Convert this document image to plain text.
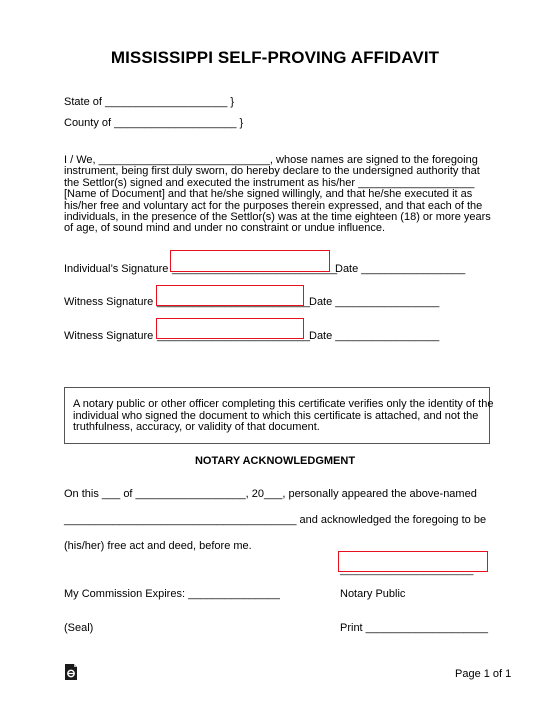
MISSISSIPPI SELF-PROVING AFFIDAVIT
State of ____________________ }
County of ____________________ }

I / We, ____________________________, whose names are signed to the foregoing

instrument, being first duly sworn, do hereby declare to the undersigned authority that

the Settlor(s) signed and executed the instrument as his/her ___________________

[Name of Document] and that he/she signed willingly, and that he/she executed it as

his/her free and voluntary act for the purposes therein expressed, and that each of the

individuals, in the presence of the Settlor(s) was at the time eighteen (18) or more years

of age, of sound mind and under no constraint or undue influence.

Individual’s Signature ___________________________
Date _________________
Witness Signature _________________________ Date _________________
Witness Signature _________________________ Date _________________

A notary public or other officer completing this certificate verifies only the identity of the

individual who signed the document to which this certificate is attached, and not the

truthfulness, accuracy, or validity of that document.

NOTARY ACKNOWLEDGMENT
On this ___ of __________________, 20___, personally appeared the above-named
______________________________________ and acknowledged the foregoing to be
(his/her) free act and deed, before me.
________________________
My Commission Expires: _______________	Notary Public
(Seal)	Print ____________________
Page 1 of 1
